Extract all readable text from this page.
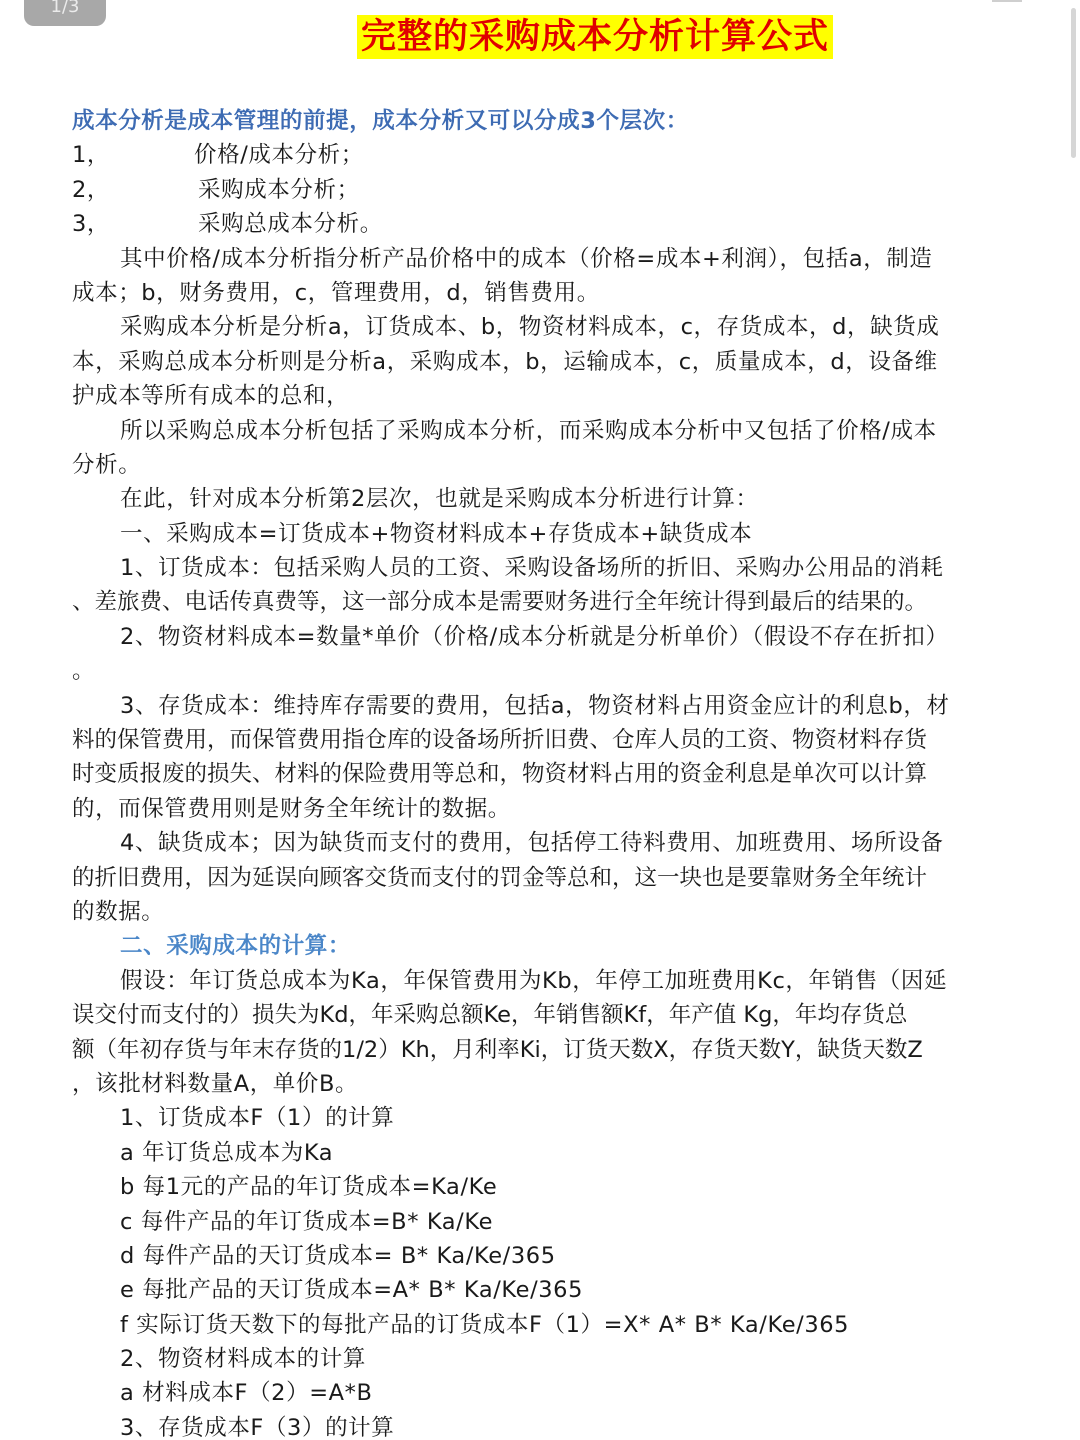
1/3
完整的采购成本分析计算公式
成本分析是成本管理的前提，成本分析又可以分成3个层次：
1，	价格/成本分析；
2，	采购成本分析；
3，	采购总成本分析。
其中价格/成本分析指分析产品价格中的成本（价格=成本+利润），包括a，制造
成本；b，财务费用，c，管理费用，d，销售费用。
采购成本分析是分析a，订货成本、b，物资材料成本，c，存货成本，d，缺货成
本，采购总成本分析则是分析a，采购成本，b，运输成本，c，质量成本，d，设备维
护成本等所有成本的总和，
所以采购总成本分析包括了采购成本分析，而采购成本分析中又包括了价格/成本
分析。
在此，针对成本分析第2层次，也就是采购成本分析进行计算：
一、采购成本=订货成本+物资材料成本+存货成本+缺货成本
1、订货成本：包括采购人员的工资、采购设备场所的折旧、采购办公用品的消耗
、差旅费、电话传真费等，这一部分成本是需要财务进行全年统计得到最后的结果的。
2、物资材料成本=数量*单价（价格/成本分析就是分析单价）（假设不存在折扣）
。
3、存货成本：维持库存需要的费用，包括a，物资材料占用资金应计的利息b，材
料的保管费用，而保管费用指仓库的设备场所折旧费、仓库人员的工资、物资材料存货
时变质报废的损失、材料的保险费用等总和，物资材料占用的资金利息是单次可以计算
的，而保管费用则是财务全年统计的数据。
4、缺货成本；因为缺货而支付的费用，包括停工待料费用、加班费用、场所设备
的折旧费用，因为延误向顾客交货而支付的罚金等总和，这一块也是要靠财务全年统计
的数据。
二、采购成本的计算：
假设：年订货总成本为Ka，年保管费用为Kb，年停工加班费用Kc，年销售（因延
误交付而支付的）损失为Kd，年采购总额Ke，年销售额Kf，年产值 Kg，年均存货总
额（年初存货与年末存货的1/2）Kh，月利率Ki，订货天数X，存货天数Y，缺货天数Z
，该批材料数量A，单价B。
1、订货成本F（1）的计算
a 年订货总成本为Ka
b 每1元的产品的年订货成本=Ka/Ke
c 每件产品的年订货成本=B* Ka/Ke
d 每件产品的天订货成本= B* Ka/Ke/365
e 每批产品的天订货成本=A* B* Ka/Ke/365
f 实际订货天数下的每批产品的订货成本F（1）=X* A* B* Ka/Ke/365
2、物资材料成本的计算
a 材料成本F（2）=A*B
3、存货成本F（3）的计算
